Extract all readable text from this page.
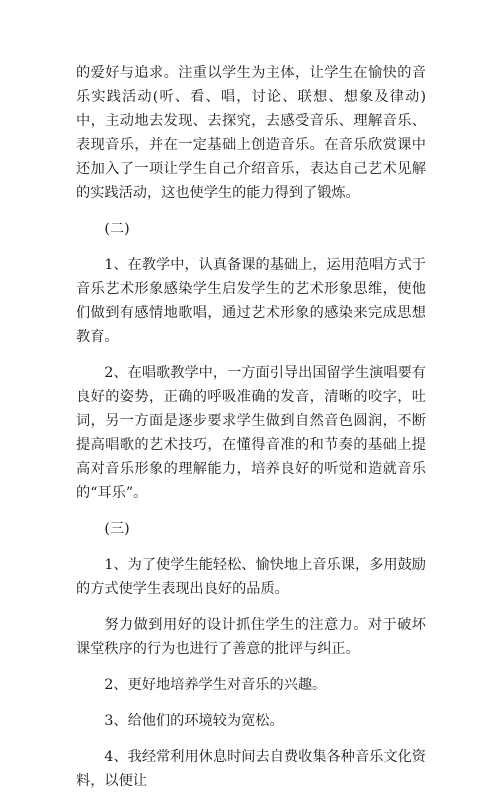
的爱好与追求。注重以学生为主体，让学生在愉快的音乐实践活动(听、看、唱，讨论、联想、想象及律动)中，主动地去发现、去探究，去感受音乐、理解音乐、表现音乐，并在一定基础上创造音乐。在音乐欣赏课中还加入了一项让学生自己介绍音乐，表达自己艺术见解的实践活动，这也使学生的能力得到了锻炼。

(二)

1、在教学中，认真备课的基础上，运用范唱方式于音乐艺术形象感染学生启发学生的艺术形象思维，使他们做到有感情地歌唱，通过艺术形象的感染来完成思想教育。

2、在唱歌教学中，一方面引导出国留学生演唱要有良好的姿势，正确的呼吸准确的发音，清晰的咬字，吐词，另一方面是逐步要求学生做到自然音色圆润，不断提高唱歌的艺术技巧，在懂得音准的和节奏的基础上提高对音乐形象的理解能力，培养良好的听觉和造就音乐的“耳乐”。

(三)

1、为了使学生能轻松、愉快地上音乐课，多用鼓励的方式使学生表现出良好的品质。

努力做到用好的设计抓住学生的注意力。对于破坏课堂秩序的行为也进行了善意的批评与纠正。

2、更好地培养学生对音乐的兴趣。

3、给他们的环境较为宽松。

4、我经常利用休息时间去自费收集各种音乐文化资料，以便让
